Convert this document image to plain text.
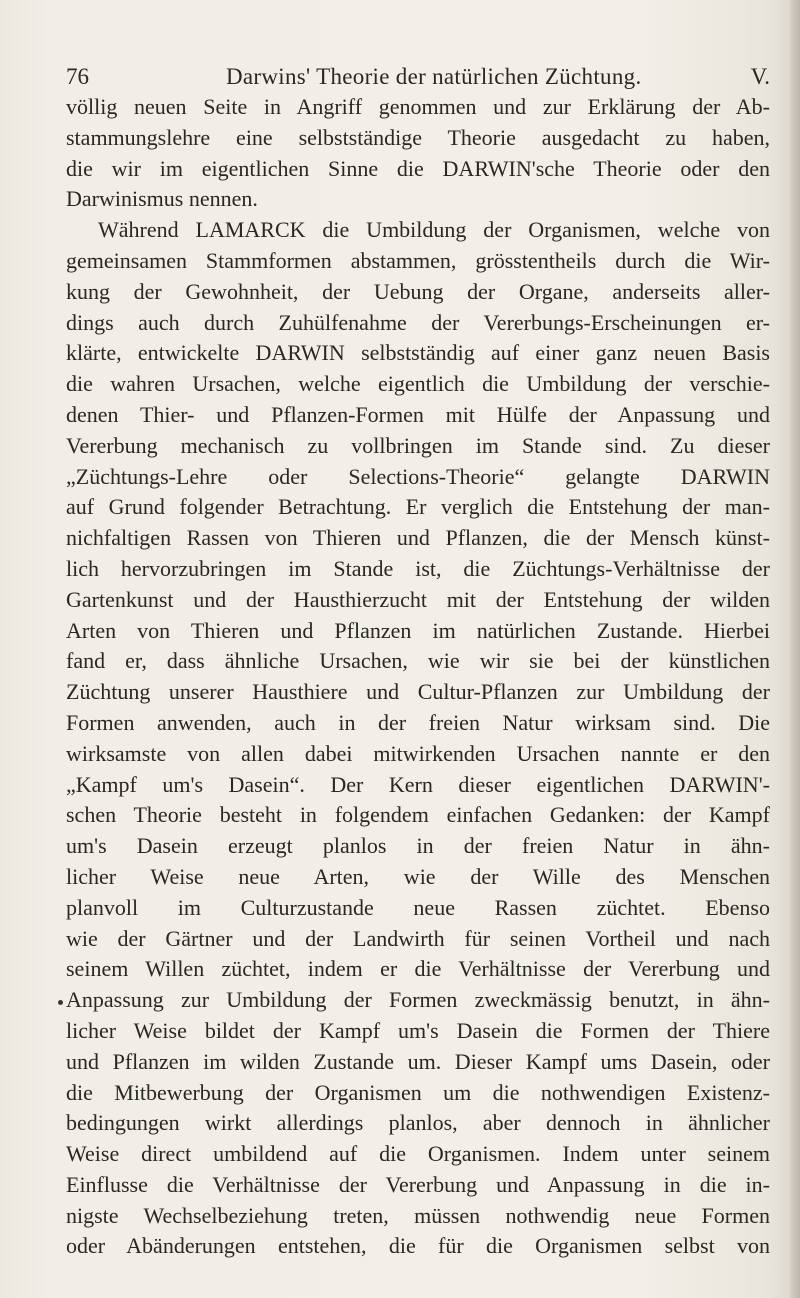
76	Darwins' Theorie der natürlichen Züchtung.	V.
völlig neuen Seite in Angriff genommen und zur Erklärung der Ab-
stammungslehre eine selbstständige Theorie ausgedacht zu haben,
die wir im eigentlichen Sinne die DARWIN'sche Theorie oder den
Darwinismus nennen.
Während LAMARCK die Umbildung der Organismen, welche von
gemeinsamen Stammformen abstammen, grösstentheils durch die Wir-
kung der Gewohnheit, der Uebung der Organe, anderseits aller-
dings auch durch Zuhülfenahme der Vererbungs-Erscheinungen er-
klärte, entwickelte DARWIN selbstständig auf einer ganz neuen Basis
die wahren Ursachen, welche eigentlich die Umbildung der verschie-
denen Thier- und Pflanzen-Formen mit Hülfe der Anpassung und
Vererbung mechanisch zu vollbringen im Stande sind. Zu dieser
„Züchtungs-Lehre oder Selections-Theorie“ gelangte DARWIN
auf Grund folgender Betrachtung. Er verglich die Entstehung der man-
nichfaltigen Rassen von Thieren und Pflanzen, die der Mensch künst-
lich hervorzubringen im Stande ist, die Züchtungs-Verhältnisse der
Gartenkunst und der Hausthierzucht mit der Entstehung der wilden
Arten von Thieren und Pflanzen im natürlichen Zustande. Hierbei
fand er, dass ähnliche Ursachen, wie wir sie bei der künstlichen
Züchtung unserer Hausthiere und Cultur-Pflanzen zur Umbildung der
Formen anwenden, auch in der freien Natur wirksam sind. Die
wirksamste von allen dabei mitwirkenden Ursachen nannte er den
„Kampf um's Dasein“. Der Kern dieser eigentlichen DARWIN'-
schen Theorie besteht in folgendem einfachen Gedanken: der Kampf
um's Dasein erzeugt planlos in der freien Natur in ähn-
licher Weise neue Arten, wie der Wille des Menschen
planvoll im Culturzustande neue Rassen züchtet. Ebenso
wie der Gärtner und der Landwirth für seinen Vortheil und nach
seinem Willen züchtet, indem er die Verhältnisse der Vererbung und
Anpassung zur Umbildung der Formen zweckmässig benutzt, in ähn-
licher Weise bildet der Kampf um's Dasein die Formen der Thiere
und Pflanzen im wilden Zustande um. Dieser Kampf ums Dasein, oder
die Mitbewerbung der Organismen um die nothwendigen Existenz-
bedingungen wirkt allerdings planlos, aber dennoch in ähnlicher
Weise direct umbildend auf die Organismen. Indem unter seinem
Einflusse die Verhältnisse der Vererbung und Anpassung in die in-
nigste Wechselbeziehung treten, müssen nothwendig neue Formen
oder Abänderungen entstehen, die für die Organismen selbst von
